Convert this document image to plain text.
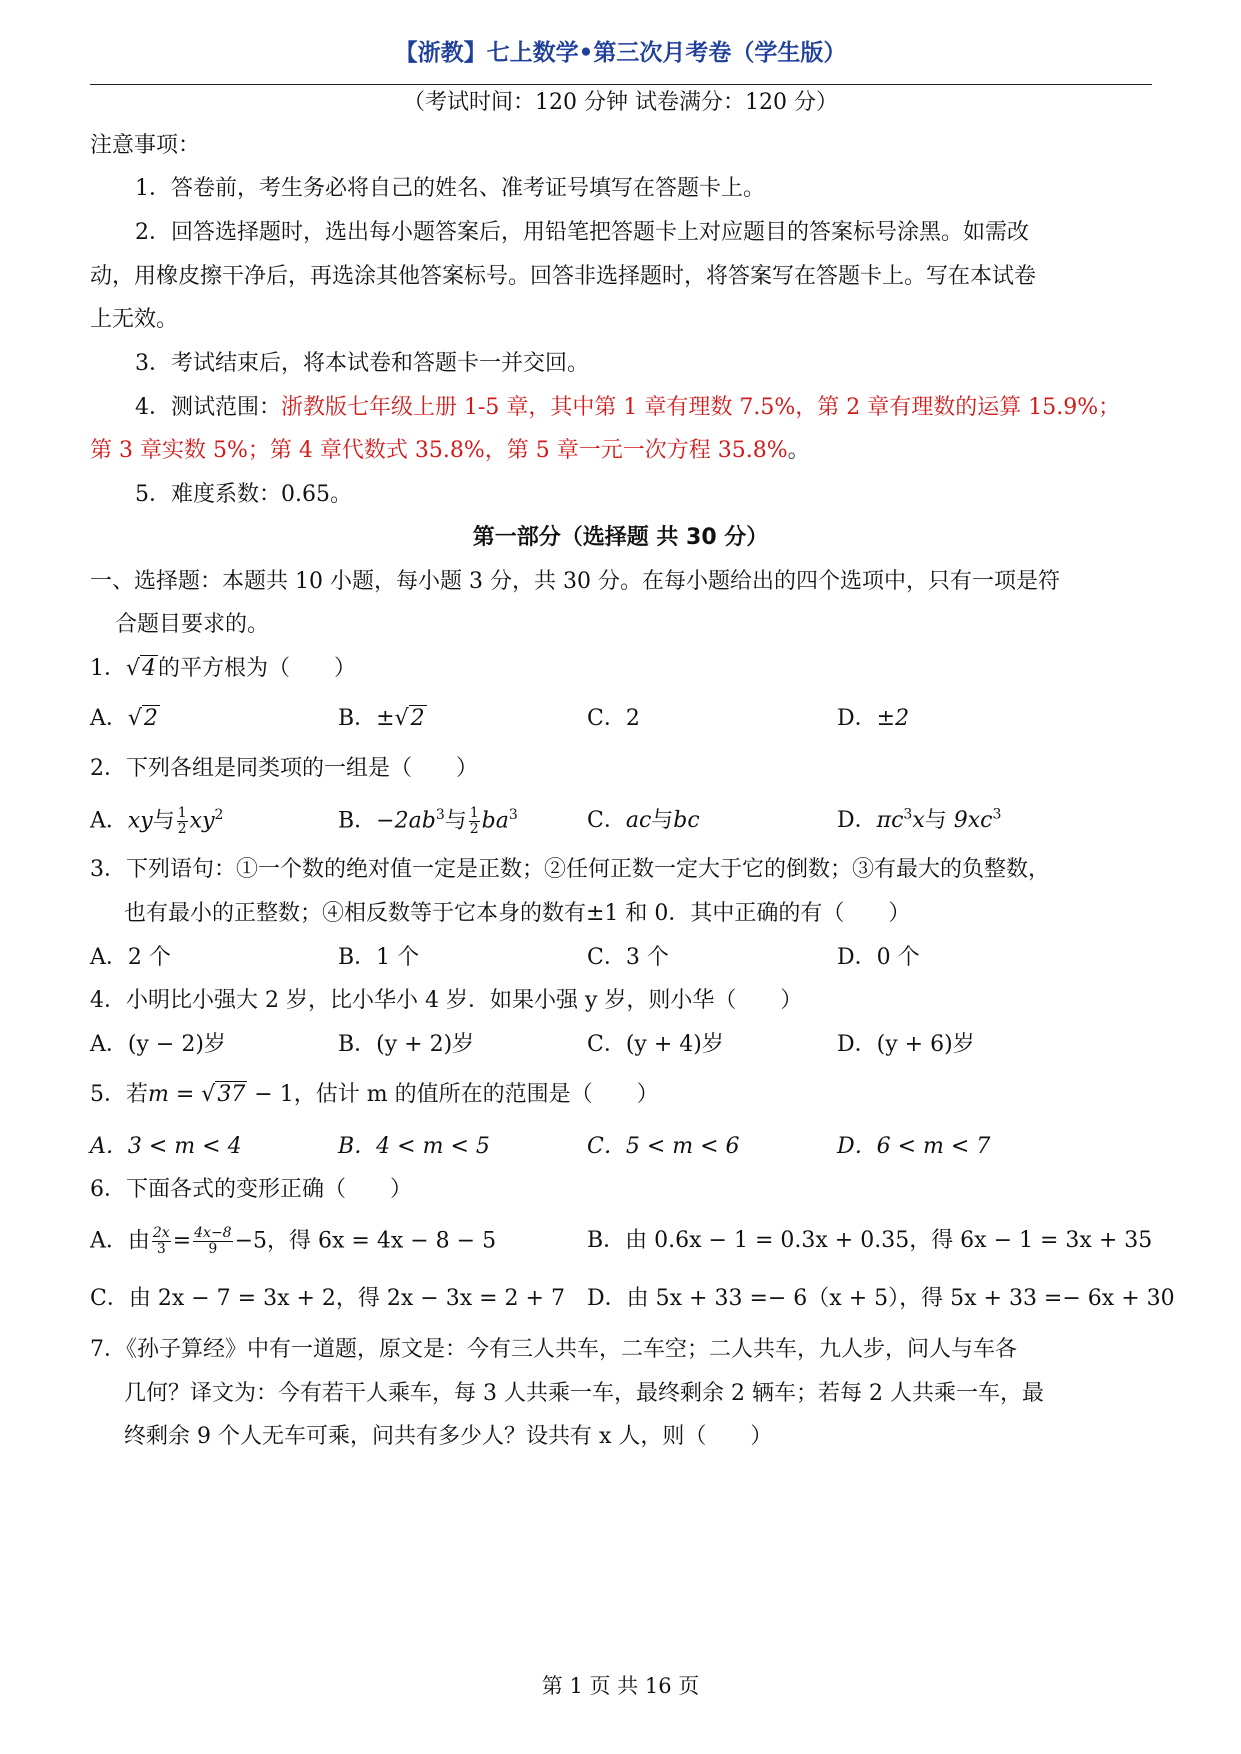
【浙教】七上数学•第三次月考卷（学生版）
（考试时间：120 分钟 试卷满分：120 分）
注意事项：
1．答卷前，考生务必将自己的姓名、准考证号填写在答题卡上。
2．回答选择题时，选出每小题答案后，用铅笔把答题卡上对应题目的答案标号涂黑。如需改
动，用橡皮擦干净后，再选涂其他答案标号。回答非选择题时，将答案写在答题卡上。写在本试卷
上无效。
3．考试结束后，将本试卷和答题卡一并交回。
4．测试范围：浙教版七年级上册 1-5 章，其中第 1 章有理数 7.5%，第 2 章有理数的运算 15.9%；
第 3 章实数 5%；第 4 章代数式 35.8%，第 5 章一元一次方程 35.8%。
5．难度系数：0.65。
第一部分（选择题 共 30 分）
一、选择题：本题共 10 小题，每小题 3 分，共 30 分。在每小题给出的四个选项中，只有一项是符
合题目要求的。
1．√4的平方根为（　　）
A．√2	B．±√2	C．2	D．±2
2．下列各组是同类项的一组是（　　）
A．xy与 $\frac{1}{2} xy^2$	B．$-2ab^3$与 $\frac{1}{2} ba^3$	C．ac与bc	D．$\pi c^3x$与 $9xc^3$
3．下列语句：①一个数的绝对值一定是正数；②任何正数一定大于它的倒数；③有最大的负整数，
也有最小的正整数；④相反数等于它本身的数有±1 和 0．其中正确的有（　　）
A．2 个	B．1 个	C．3 个	D．0 个
4．小明比小强大 2 岁，比小华小 4 岁．如果小强 y 岁，则小华（　　）
A．(y − 2)岁	B．(y + 2)岁	C．(y + 4)岁	D．(y + 6)岁
5．若m = √37 − 1，估计 m 的值所在的范围是（　　）
A．3 < m < 4	B．4 < m < 5	C．5 < m < 6	D．6 < m < 7
6．下面各式的变形正确（　　）
A．由 $\frac{2x}{3} = \frac{4x-8}{9} -5$，得 6x = 4x − 8 − 5	B．由 0.6x − 1 = 0.3x + 0.35，得 6x − 1 = 3x + 35
C．由 2x − 7 = 3x + 2，得 2x − 3x = 2 + 7 D．由 5x + 33 =− 6（x + 5），得 5x + 33 =− 6x + 30
7．《孙子算经》中有一道题，原文是：今有三人共车，二车空；二人共车，九人步，问人与车各
几何？译文为：今有若干人乘车，每 3 人共乘一车，最终剩余 2 辆车；若每 2 人共乘一车，最
终剩余 9 个人无车可乘，问共有多少人？设共有 x 人，则（　　）
第 1 页 共 16 页
